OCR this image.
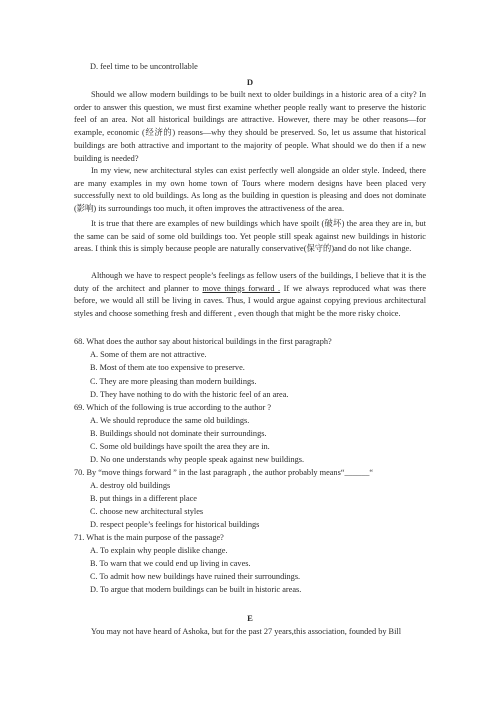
D. feel time to be uncontrollable
D
Should we allow modern buildings to be built next to older buildings in a historic area of a city? In order to answer this question, we must first examine whether people really want to preserve the historic feel of an area. Not all historical buildings are attractive. However, there may be other reasons—for example, economic (经济的) reasons—why they should be preserved. So, let us assume that historical buildings are both attractive and important to the majority of people. What should we do then if a new building is needed?
In my view, new architectural styles can exist perfectly well alongside an older style. Indeed, there are many examples in my own home town of Tours where modern designs have been placed very successfully next to old buildings. As long as the building in question is pleasing and does not dominate (影响) its surroundings too much, it often improves the attractiveness of the area.
It is true that there are examples of new buildings which have spoilt (破坏) the area they are in, but the same can be said of some old buildings too. Yet people still speak against new buildings in historic areas. I think this is simply because people are naturally conservative(保守的)and do not like change.
Although we have to respect people’s feelings as fellow users of the buildings, I believe that it is the duty of the architect and planner to move things forward . If we always reproduced what was there before, we would all still be living in caves. Thus, I would argue against copying previous architectural styles and choose something fresh and different , even though that might be the more risky choice.
68. What does the author say about historical buildings in the first paragraph?
A. Some of them are not attractive.
B. Most of them ate too expensive to preserve.
C. They are more pleasing than modern buildings.
D. They have nothing to do with the historic feel of an area.
69. Which of the following is true according to the author ?
A. We should reproduce the same old buildings.
B. Buildings should not dominate their surroundings.
C. Some old buildings have spoilt the area they are in.
D. No one understands why people speak against new buildings.
70. By “move things forward ” in the last paragraph , the author probably means“______“
A. destroy old buildings
B. put things in a different place
C. choose new architectural styles
D. respect people’s feelings for historical buildings
71. What is the main purpose of the passage?
A. To explain why people dislike change.
B. To warn that we could end up living in caves.
C. To admit how new buildings have ruined their surroundings.
D. To argue that modern buildings can be built in historic areas.
E
You may not have heard of Ashoka, but for the past 27 years,this association, founded by Bill
